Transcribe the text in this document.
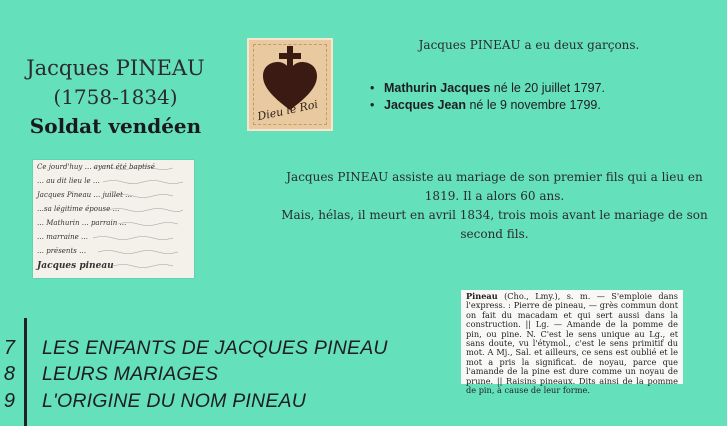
Jacques PINEAU
(1758-1834)
Soldat vendéen
Ce jourd'huy … ayant été baptisé
… au dit lieu le …
Jacques Pineau … juillet …
…sa légitime épouse …
… Mathurin … parrain …
… marraine …
… présents …
Jacques pineau
Dieu le Roi
Jacques PINEAU a eu deux garçons.
• Mathurin Jacques né le 20 juillet 1797.
• Jacques Jean né le 9 novembre 1799.
Jacques PINEAU assiste au mariage de son premier fils qui a lieu en
1819. Il a alors 60 ans.
Mais, hélas, il meurt en avril 1834, trois mois avant le mariage de son
second fils.
Pineau (Cho., Lmy.), s. m. — S'emploie dans l'express. : Pierre de pineau, — grès commun dont on fait du macadam et qui sert aussi dans la construction. || Lg. — Amande de la pomme de pin, ou pine. N. C'est le sens unique au Lg., et sans doute, vu l'étymol., c'est le sens primitif du mot. A Mj., Sal. et ailleurs, ce sens est oublié et le mot a pris la significat. de noyau, parce que l'amande de la pine est dure comme un noyau de prune. || Raisins pineaux. Dits ainsi de la pomme de pin, à cause de leur forme.
7 LES ENFANTS DE JACQUES PINEAU
8 LEURS MARIAGES
9 L'ORIGINE DU NOM PINEAU
